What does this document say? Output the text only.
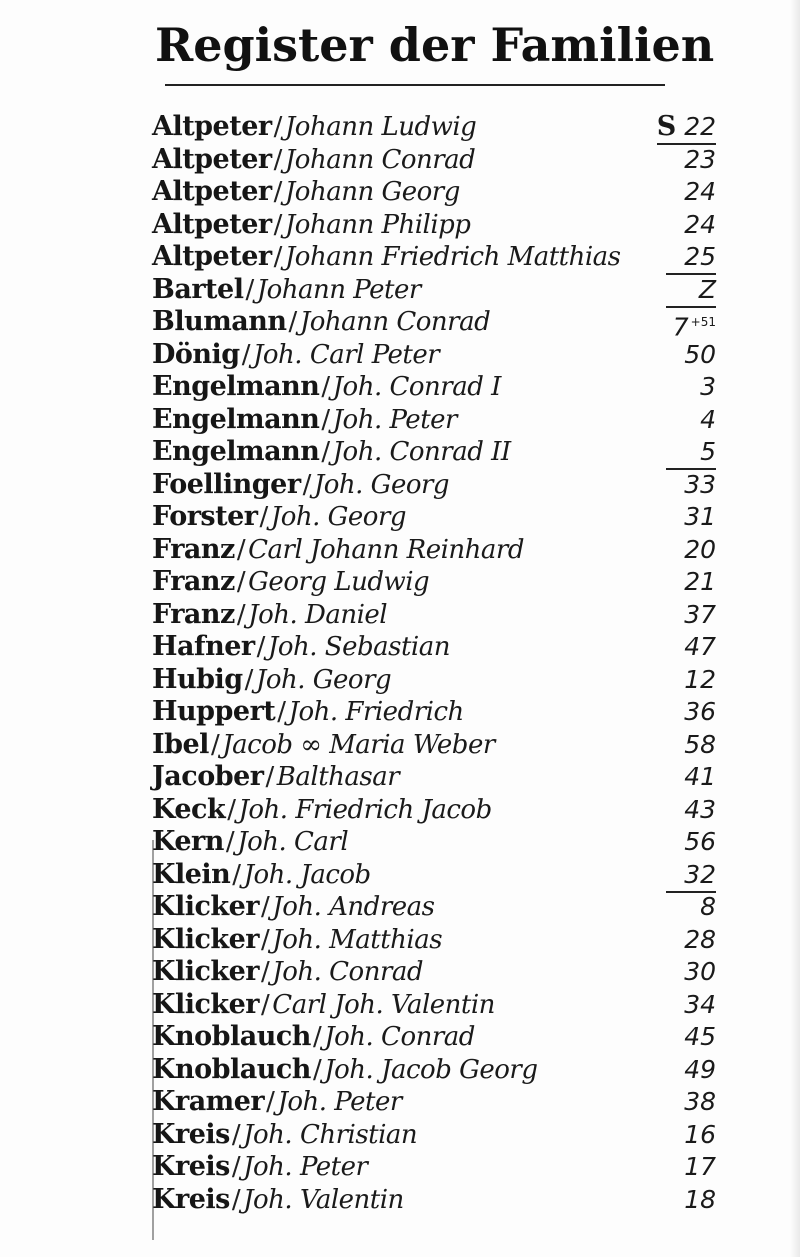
Register der Familien
Altpeter/ Johann Ludwig	S 22
Altpeter/ Johann Conrad	23
Altpeter/ Johann Georg	24
Altpeter/ Johann Philipp	24
Altpeter/ Johann Friedrich Matthias	25
Bartel/ Johann Peter	Z
Blumann/ Johann Conrad	7 $^{+51}$
Dönig/ Joh. Carl Peter	50
Engelmann/ Joh. Conrad I	3
Engelmann/ Joh. Peter	4
Engelmann/ Joh. Conrad II	5
Foellinger/ Joh. Georg	33
Forster/ Joh. Georg	31
Franz/ Carl Johann Reinhard	20
Franz/ Georg Ludwig	21
Franz/ Joh. Daniel	37
Hafner/ Joh. Sebastian	47
Hubig/ Joh. Georg	12
Huppert/ Joh. Friedrich	36
Ibel/ Jacob ∞ Maria Weber	58
Jacober/ Balthasar	41
Keck/ Joh. Friedrich Jacob	43
Kern/ Joh. Carl	56
Klein/ Joh. Jacob	32
Klicker/ Joh. Andreas	8
Klicker/ Joh. Matthias	28
Klicker/ Joh. Conrad	30
Klicker/ Carl Joh. Valentin	34
Knoblauch/ Joh. Conrad	45
Knoblauch/ Joh. Jacob Georg	49
Kramer/ Joh. Peter	38
Kreis/ Joh. Christian	16
Kreis/ Joh. Peter	17
Kreis/ Joh. Valentin	18
